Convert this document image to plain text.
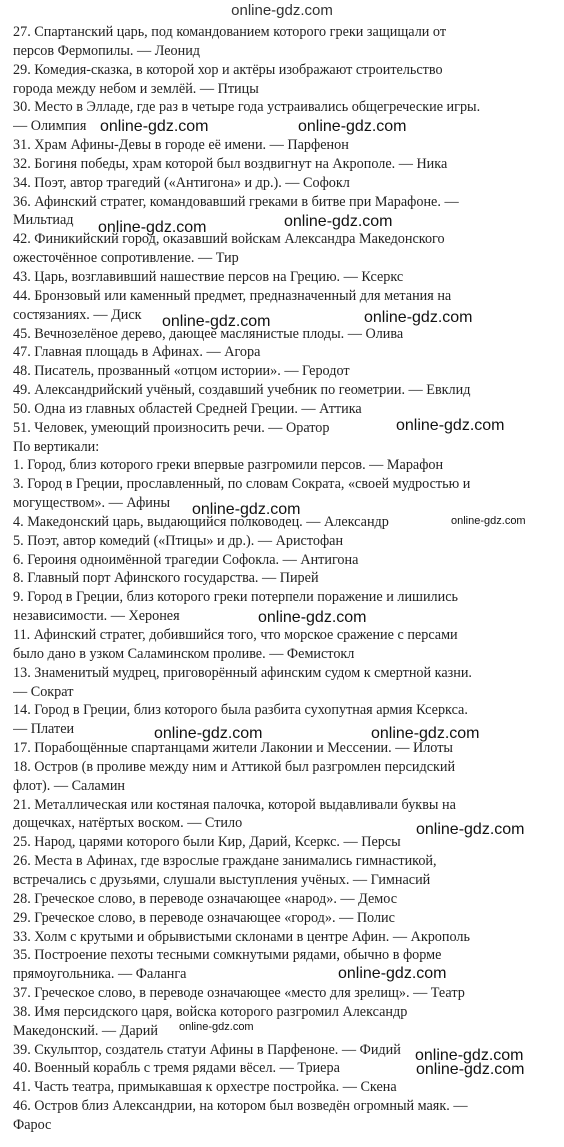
online-gdz.com
27. Спартанский царь, под командованием которого греки защищали от
персов Фермопилы. — Леонид
29. Комедия-сказка, в которой хор и актёры изображают строительство
города между небом и землёй. — Птицы
30. Место в Элладе, где раз в четыре года устраивались общегреческие игры.
— Олимпия
31. Храм Афины-Девы в городе её имени. — Парфенон
32. Богиня победы, храм которой был воздвигнут на Акрополе. — Ника
34. Поэт, автор трагедий («Антигона» и др.). — Софокл
36. Афинский стратег, командовавший греками в битве при Марафоне. —
Мильтиад
42. Финикийский город, оказавший войскам Александра Македонского
ожесточённое сопротивление. — Тир
43. Царь, возглавивший нашествие персов на Грецию. — Ксеркс
44. Бронзовый или каменный предмет, предназначенный для метания на
состязаниях. — Диск
45. Вечнозелёное дерево, дающее маслянистые плоды. — Олива
47. Главная площадь в Афинах. — Агора
48. Писатель, прозванный «отцом истории». — Геродот
49. Александрийский учёный, создавший учебник по геометрии. — Евклид
50. Одна из главных областей Средней Греции. — Аттика
51. Человек, умеющий произносить речи. — Оратор
По вертикали:
1. Город, близ которого греки впервые разгромили персов. — Марафон
3. Город в Греции, прославленный, по словам Сократа, «своей мудростью и
могуществом». — Афины
4. Македонский царь, выдающийся полководец. — Александр
5. Поэт, автор комедий («Птицы» и др.). — Аристофан
6. Героиня одноимённой трагедии Софокла. — Антигона
8. Главный порт Афинского государства. — Пирей
9. Город в Греции, близ которого греки потерпели поражение и лишились
независимости. — Херонея
11. Афинский стратег, добившийся того, что морское сражение с персами
было дано в узком Саламинском проливе. — Фемистокл
13. Знаменитый мудрец, приговорённый афинским судом к смертной казни.
— Сократ
14. Город в Греции, близ которого была разбита сухопутная армия Ксеркса.
— Платеи
17. Порабощённые спартанцами жители Лаконии и Мессении. — Илоты
18. Остров (в проливе между ним и Аттикой был разгромлен персидский
флот). — Саламин
21. Металлическая или костяная палочка, которой выдавливали буквы на
дощечках, натёртых воском. — Стило
25. Народ, царями которого были Кир, Дарий, Ксеркс. — Персы
26. Места в Афинах, где взрослые граждане занимались гимнастикой,
встречались с друзьями, слушали выступления учёных. — Гимнасий
28. Греческое слово, в переводе означающее «народ». — Демос
29. Греческое слово, в переводе означающее «город». — Полис
33. Холм с крутыми и обрывистыми склонами в центре Афин. — Акрополь
35. Построение пехоты тесными сомкнутыми рядами, обычно в форме
прямоугольника. — Фаланга
37. Греческое слово, в переводе означающее «место для зрелищ». — Театр
38. Имя персидского царя, войска которого разгромил Александр
Македонский. — Дарий
39. Скульптор, создатель статуи Афины в Парфеноне. — Фидий
40. Военный корабль с тремя рядами вёсел. — Триера
41. Часть театра, примыкавшая к орхестре постройка. — Скена
46. Остров близ Александрии, на котором был возведён огромный маяк. —
Фарос
online-gdz.com	online-gdz.com
online-gdz.com	online-gdz.com
online-gdz.com	online-gdz.com
online-gdz.com
online-gdz.com
online-gdz.com
online-gdz.com
online-gdz.com	online-gdz.com
online-gdz.com
online-gdz.com
online-gdz.com
online-gdz.com
online-gdz.com
